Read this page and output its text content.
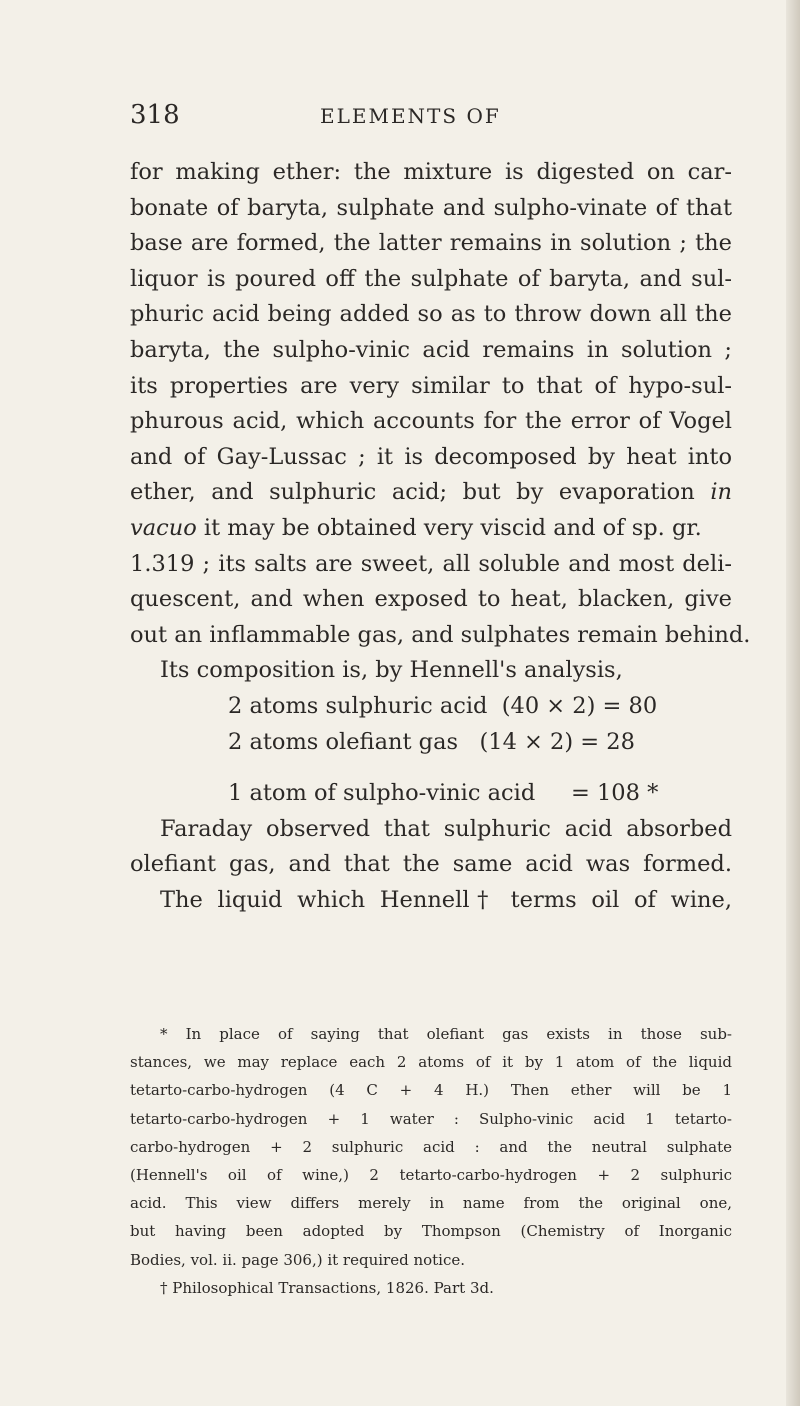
318	ELEMENTS OF
for making ether: the mixture is digested on car-
bonate of baryta, sulphate and sulpho-vinate of that
base are formed, the latter remains in solution ; the
liquor is poured off the sulphate of baryta, and sul-
phuric acid being added so as to throw down all the
baryta, the sulpho-vinic acid remains in solution ;
its properties are very similar to that of hypo-sul-
phurous acid, which accounts for the error of Vogel
and of Gay-Lussac ; it is decomposed by heat into
ether, and sulphuric acid; but by evaporation in
vacuo it may be obtained very viscid and of sp. gr.
1.319 ; its salts are sweet, all soluble and most deli-
quescent, and when exposed to heat, blacken, give
out an inflammable gas, and sulphates remain behind.
Its composition is, by Hennell's analysis,
2 atoms sulphuric acid  (40 × 2) = 80
2 atoms olefiant gas   (14 × 2) = 28
1 atom of sulpho-vinic acid     = 108 *
Faraday observed that sulphuric acid absorbed
olefiant gas, and that the same acid was formed.
The liquid which Hennell† terms oil of wine,
* In place of saying that olefiant gas exists in those sub-
stances, we may replace each 2 atoms of it by 1 atom of the liquid
tetarto-carbo-hydrogen (4 C + 4 H.) Then ether will be 1
tetarto-carbo-hydrogen + 1 water : Sulpho-vinic acid 1 tetarto-
carbo-hydrogen + 2 sulphuric acid : and the neutral sulphate
(Hennell's oil of wine,) 2 tetarto-carbo-hydrogen + 2 sulphuric
acid. This view differs merely in name from the original one,
but having been adopted by Thompson (Chemistry of Inorganic
Bodies, vol. ii. page 306,) it required notice.
† Philosophical Transactions, 1826. Part 3d.
